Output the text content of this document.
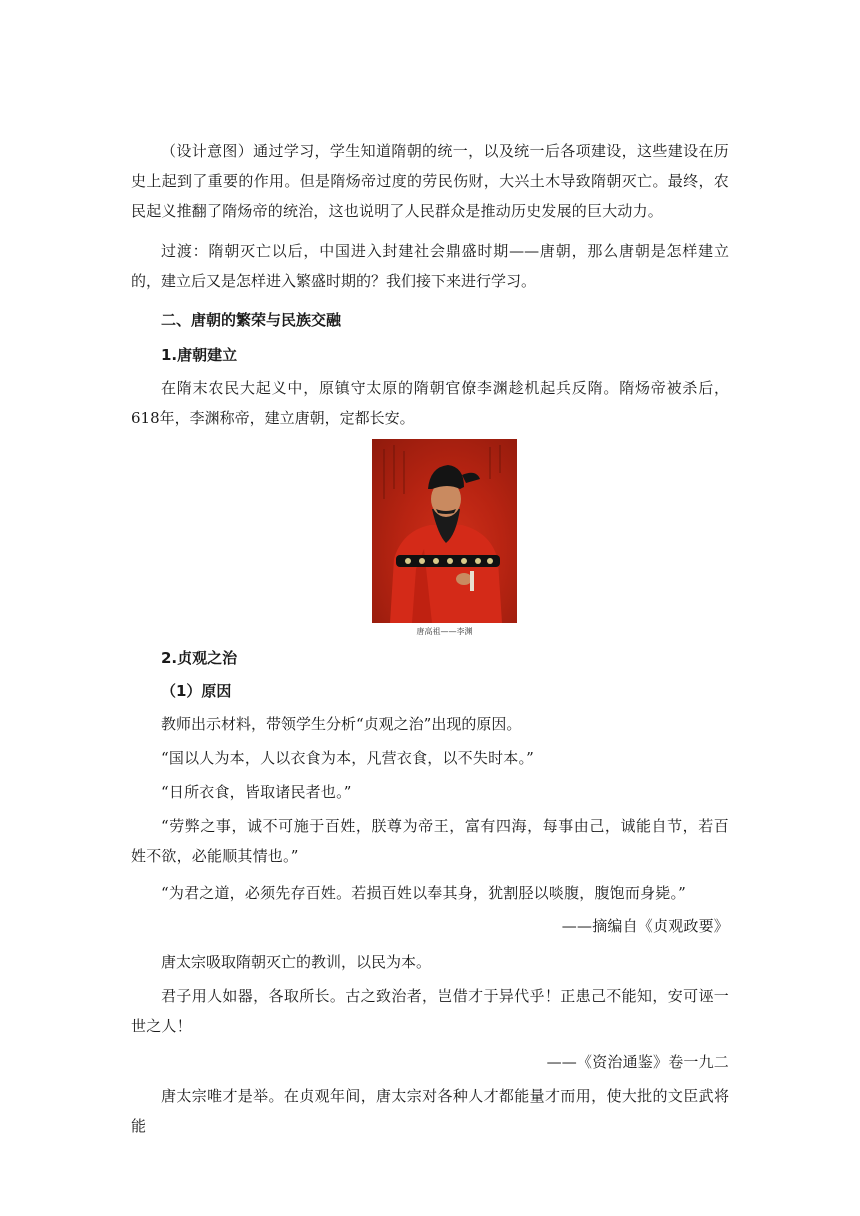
（设计意图）通过学习，学生知道隋朝的统一，以及统一后各项建设，这些建设在历史上起到了重要的作用。但是隋炀帝过度的劳民伤财，大兴土木导致隋朝灭亡。最终，农民起义推翻了隋炀帝的统治，这也说明了人民群众是推动历史发展的巨大动力。

过渡：隋朝灭亡以后，中国进入封建社会鼎盛时期——唐朝，那么唐朝是怎样建立的，建立后又是怎样进入繁盛时期的？我们接下来进行学习。

二、唐朝的繁荣与民族交融

1.唐朝建立

在隋末农民大起义中，原镇守太原的隋朝官僚李渊趁机起兵反隋。隋炀帝被杀后，618年，李渊称帝，建立唐朝，定都长安。

唐高祖——李渊

2.贞观之治

（1）原因

教师出示材料，带领学生分析“贞观之治”出现的原因。

“国以人为本，人以衣食为本，凡营衣食，以不失时本。”

“日所衣食，皆取诸民者也。”

“劳弊之事，诚不可施于百姓，朕尊为帝王，富有四海，每事由己，诚能自节，若百姓不欲，必能顺其情也。”

“为君之道，必须先存百姓。若损百姓以奉其身，犹割胫以啖腹，腹饱而身毙。”

——摘编自《贞观政要》

唐太宗吸取隋朝灭亡的教训，以民为本。

君子用人如器，各取所长。古之致治者，岂借才于异代乎！正患己不能知，安可诬一世之人！

——《资治通鉴》卷一九二

唐太宗唯才是举。在贞观年间，唐太宗对各种人才都能量才而用，使大批的文臣武将能
